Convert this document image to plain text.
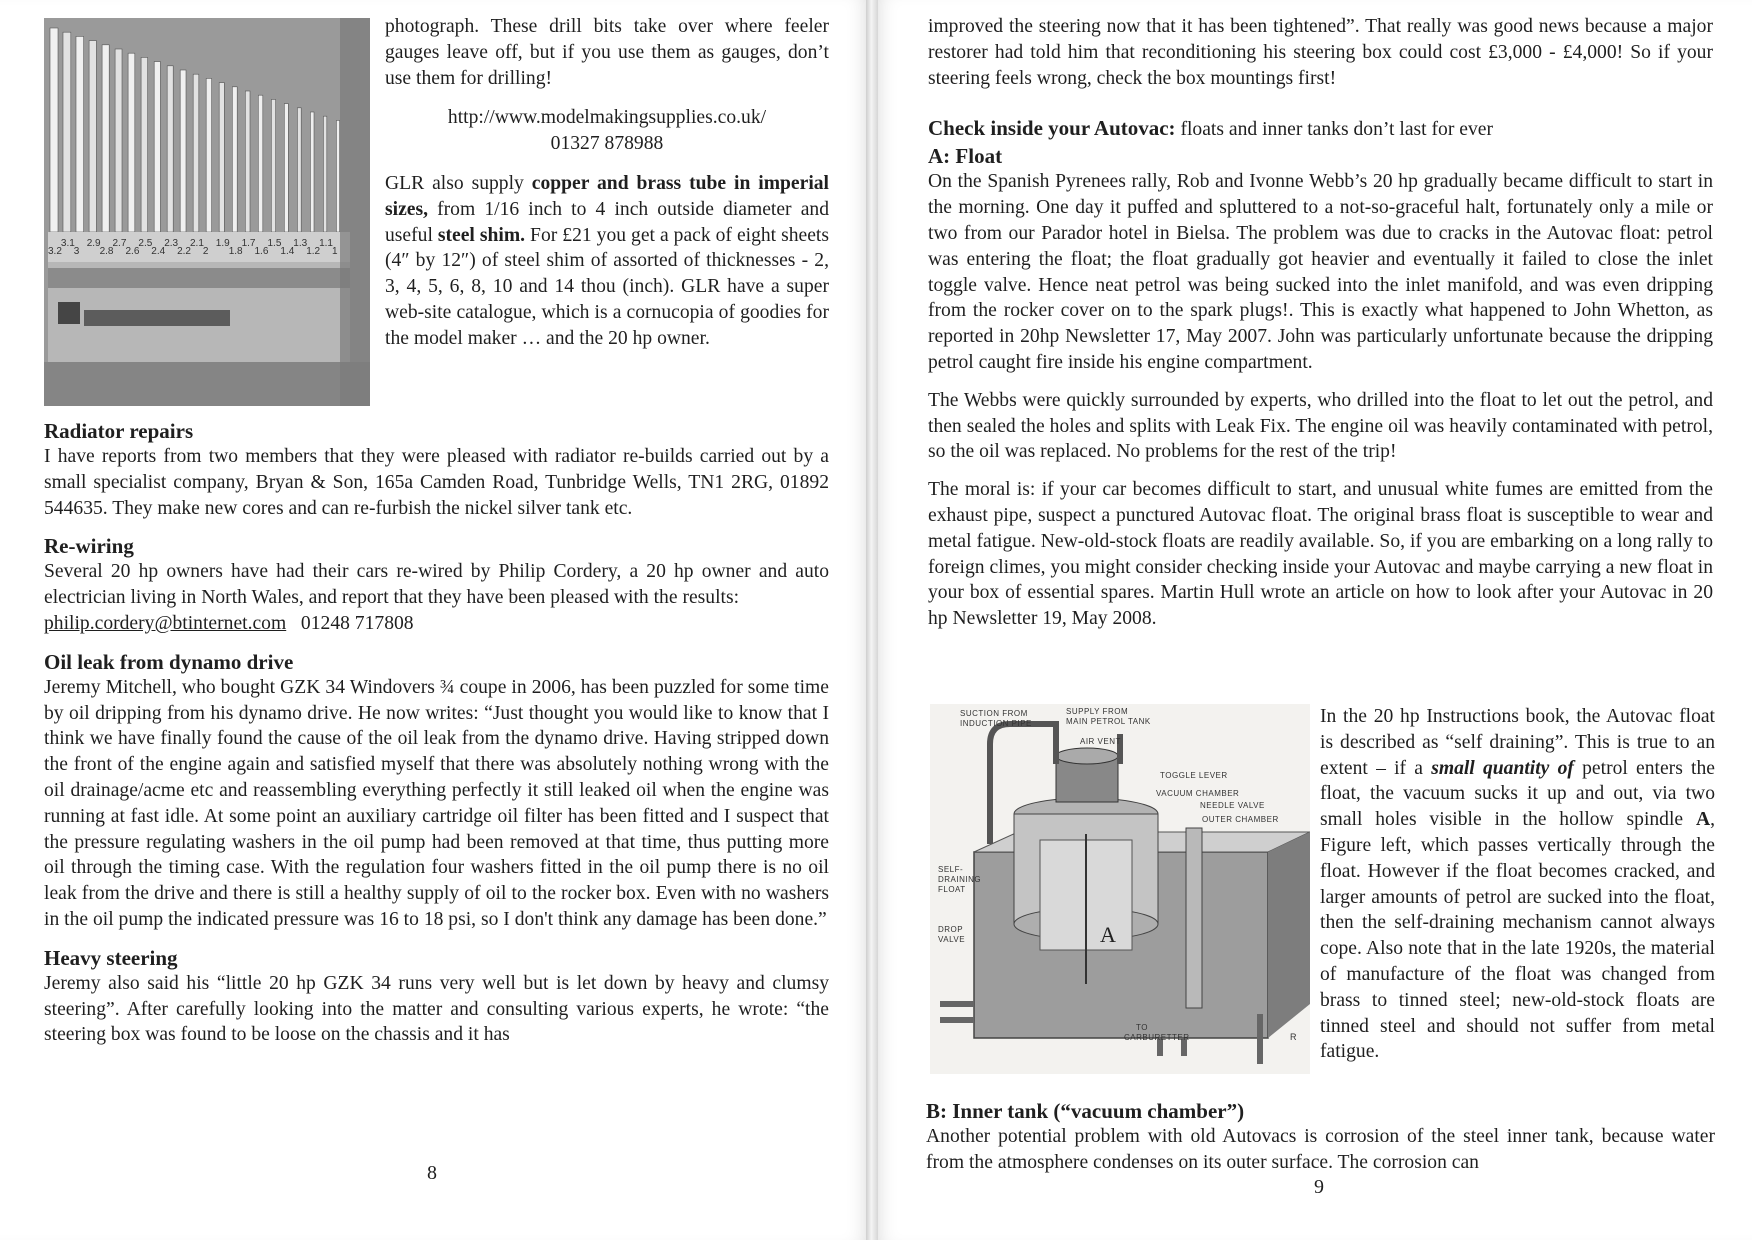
3.2
3.1
3
2.9
2.8
2.7
2.6
2.5
2.4
2.3
2.2
2.1
2
1.9
1.8
1.7
1.6
1.5
1.4
1.3
1.2
1.1
1

photograph. These drill bits take over where feeler gauges leave off, but if you use them as gauges, don’t use them for drilling!

http://www.modelmakingsupplies.co.uk/

01327 878988

GLR also supply copper and brass tube in imperial sizes, from 1/16 inch to 4 inch outside diameter and useful steel shim. For £21 you get a pack of eight sheets (4″ by 12″) of steel shim of assorted of thicknesses - 2, 3, 4, 5, 6, 8, 10 and 14 thou (inch). GLR have a super web-site catalogue, which is a cornucopia of goodies for the model maker … and the 20 hp owner.

Radiator repairs

I have reports from two members that they were pleased with radiator re-builds carried out by a small specialist company, Bryan & Son, 165a Camden Road, Tunbridge Wells, TN1 2RG, 01892 544635. They make new cores and can re-furbish the nickel silver tank etc.

Re-wiring

Several 20 hp owners have had their cars re-wired by Philip Cordery, a 20 hp owner and auto electrician living in North Wales, and report that they have been pleased with the results:

philip.cordery@btinternet.com 01248 717808

Oil leak from dynamo drive

Jeremy Mitchell, who bought GZK 34 Windovers ¾ coupe in 2006, has been puzzled for some time by oil dripping from his dynamo drive. He now writes: “Just thought you would like to know that I think we have finally found the cause of the oil leak from the dynamo drive. Having stripped down the front of the engine again and satisfied myself that there was absolutely nothing wrong with the oil drainage/acme etc and reassembling everything perfectly it still leaked oil when the engine was running at fast idle. At some point an auxiliary cartridge oil filter has been fitted and I suspect that the pressure regulating washers in the oil pump had been removed at that time, thus putting more oil through the timing case. With the regulation four washers fitted in the oil pump there is no oil leak from the drive and there is still a healthy supply of oil to the rocker box. Even with no washers in the oil pump the indicated pressure was 16 to 18 psi, so I don't think any damage has been done.”

Heavy steering

Jeremy also said his “little 20 hp GZK 34 runs very well but is let down by heavy and clumsy steering”. After carefully looking into the matter and consulting various experts, he wrote: “the steering box was found to be loose on the chassis and it has

8

improved the steering now that it has been tightened”. That really was good news because a major restorer had told him that reconditioning his steering box could cost £3,000 - £4,000! So if your steering feels wrong, check the box mountings first!

Check inside your Autovac: floats and inner tanks don’t last for ever
A: Float

On the Spanish Pyrenees rally, Rob and Ivonne Webb’s 20 hp gradually became difficult to start in the morning. One day it puffed and spluttered to a not-so-graceful halt, fortunately only a mile or two from our Parador hotel in Bielsa. The problem was due to cracks in the Autovac float: petrol was entering the float; the float gradually got heavier and eventually it failed to close the inlet toggle valve. Hence neat petrol was being sucked into the inlet manifold, and was even dripping from the rocker cover on to the spark plugs!. This is exactly what happened to John Whetton, as reported in 20hp Newsletter 17, May 2007. John was particularly unfortunate because the dripping petrol caught fire inside his engine compartment.

The Webbs were quickly surrounded by experts, who drilled into the float to let out the petrol, and then sealed the holes and splits with Leak Fix. The engine oil was heavily contaminated with petrol, so the oil was replaced. No problems for the rest of the trip!

The moral is: if your car becomes difficult to start, and unusual white fumes are emitted from the exhaust pipe, suspect a punctured Autovac float. The original brass float is susceptible to wear and metal fatigue. New-old-stock floats are readily available. So, if you are embarking on a long rally to foreign climes, you might consider checking inside your Autovac and maybe carrying a new float in your box of essential spares. Martin Hull wrote an article on how to look after your Autovac in 20 hp Newsletter 19, May 2008.

SUCTION FROM
INDUCTION PIPE
SUPPLY FROM
MAIN PETROL TANK
AIR VENT
TOGGLE LEVER
VACUUM CHAMBER
NEEDLE VALVE
OUTER CHAMBER
SELF-
DRAINING
FLOAT
DROP
VALVE
TO
CARBURETTER
A
R

In the 20 hp Instructions book, the Autovac float is described as “self draining”. This is true to an extent – if a small quantity of petrol enters the float, the vacuum sucks it up and out, via two small holes visible in the hollow spindle A, Figure left, which passes vertically through the float. However if the float becomes cracked, and larger amounts of petrol are sucked into the float, then the self-draining mechanism cannot always cope. Also note that in the late 1920s, the material of manufacture of the float was changed from brass to tinned steel; new-old-stock floats are tinned steel and should not suffer from metal fatigue.

B: Inner tank (“vacuum chamber”)

Another potential problem with old Autovacs is corrosion of the steel inner tank, because water from the atmosphere condenses on its outer surface. The corrosion can

9
